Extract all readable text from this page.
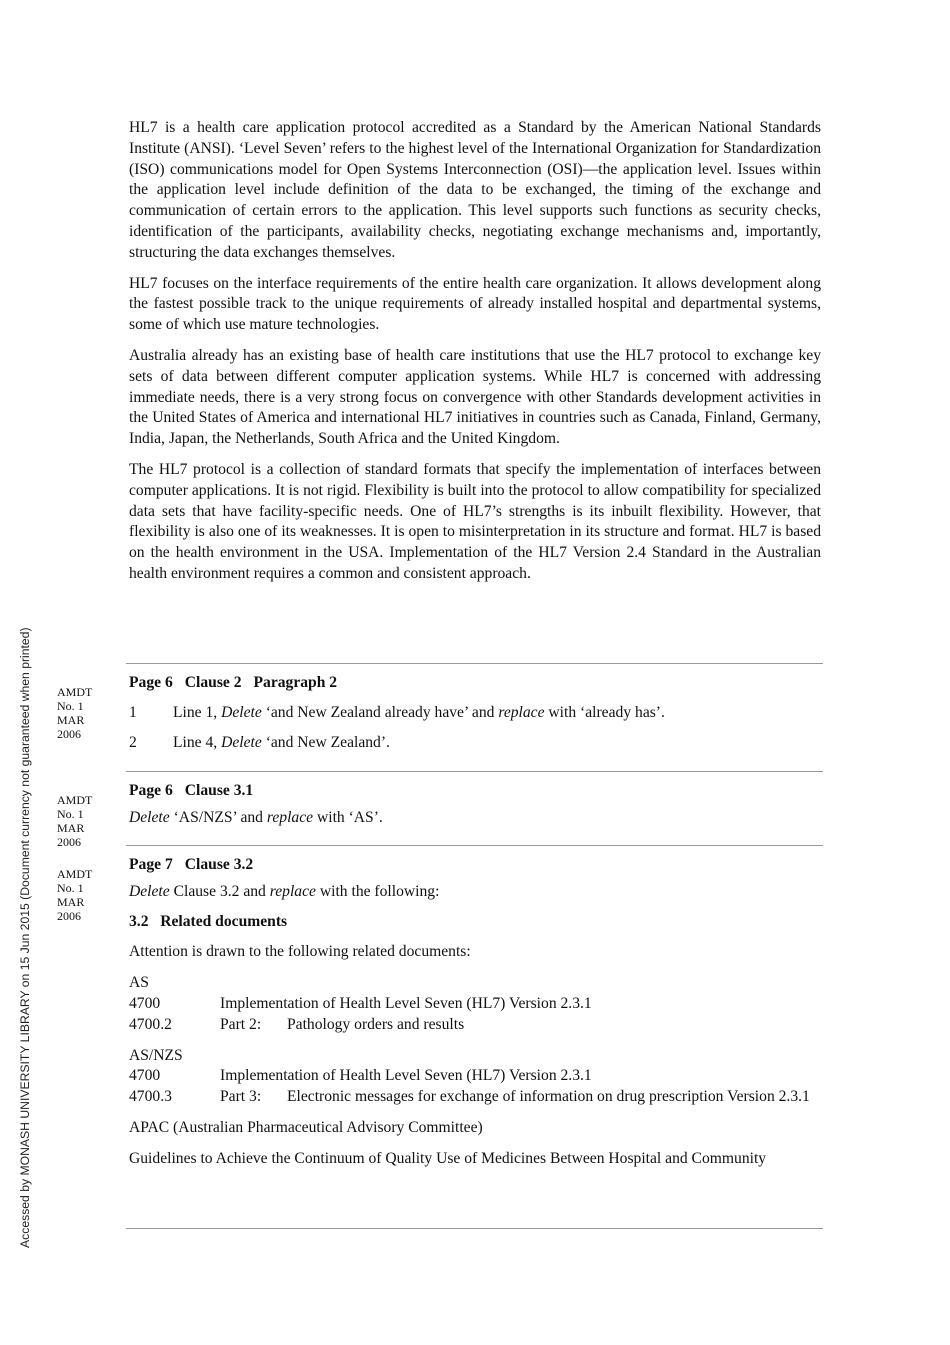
Accessed by MONASH UNIVERSITY LIBRARY on 15 Jun 2015 (Document currency not guaranteed when printed)

HL7 is a health care application protocol accredited as a Standard by the American National Standards Institute (ANSI). ‘Level Seven’ refers to the highest level of the International Organization for Standardization (ISO) communications model for Open Systems Interconnection (OSI)—the application level. Issues within the application level include definition of the data to be exchanged, the timing of the exchange and communication of certain errors to the application. This level supports such functions as security checks, identification of the participants, availability checks, negotiating exchange mechanisms and, importantly, structuring the data exchanges themselves.

HL7 focuses on the interface requirements of the entire health care organization. It allows development along the fastest possible track to the unique requirements of already installed hospital and departmental systems, some of which use mature technologies.

Australia already has an existing base of health care institutions that use the HL7 protocol to exchange key sets of data between different computer application systems. While HL7 is concerned with addressing immediate needs, there is a very strong focus on convergence with other Standards development activities in the United States of America and international HL7 initiatives in countries such as Canada, Finland, Germany, India, Japan, the Netherlands, South Africa and the United Kingdom.

The HL7 protocol is a collection of standard formats that specify the implementation of interfaces between computer applications. It is not rigid. Flexibility is built into the protocol to allow compatibility for specialized data sets that have facility-specific needs. One of HL7’s strengths is its inbuilt flexibility. However, that flexibility is also one of its weaknesses. It is open to misinterpretation in its structure and format. HL7 is based on the health environment in the USA. Implementation of the HL7 Version 2.4 Standard in the Australian health environment requires a common and consistent approach.

AMDT
No. 1
MAR
2006
Page 6 Clause 2 Paragraph 2
1	Line 1, Delete ‘and New Zealand already have’ and replace with ‘already has’.
2	Line 4, Delete ‘and New Zealand’.
AMDT
No. 1
MAR
2006
Page 6 Clause 3.1
Delete ‘AS/NZS’ and replace with ‘AS’.
AMDT
No. 1
MAR
2006
Page 7 Clause 3.2
Delete Clause 3.2 and replace with the following:
3.2   Related documents
Attention is drawn to the following related documents:
AS
4700	Implementation of Health Level Seven (HL7) Version 2.3.1
4700.2	Part 2:	Pathology orders and results
AS/NZS
4700	Implementation of Health Level Seven (HL7) Version 2.3.1
4700.3	Part 3:	Electronic messages for exchange of information on drug prescription Version 2.3.1
APAC (Australian Pharmaceutical Advisory Committee)
Guidelines to Achieve the Continuum of Quality Use of Medicines Between Hospital and Community
